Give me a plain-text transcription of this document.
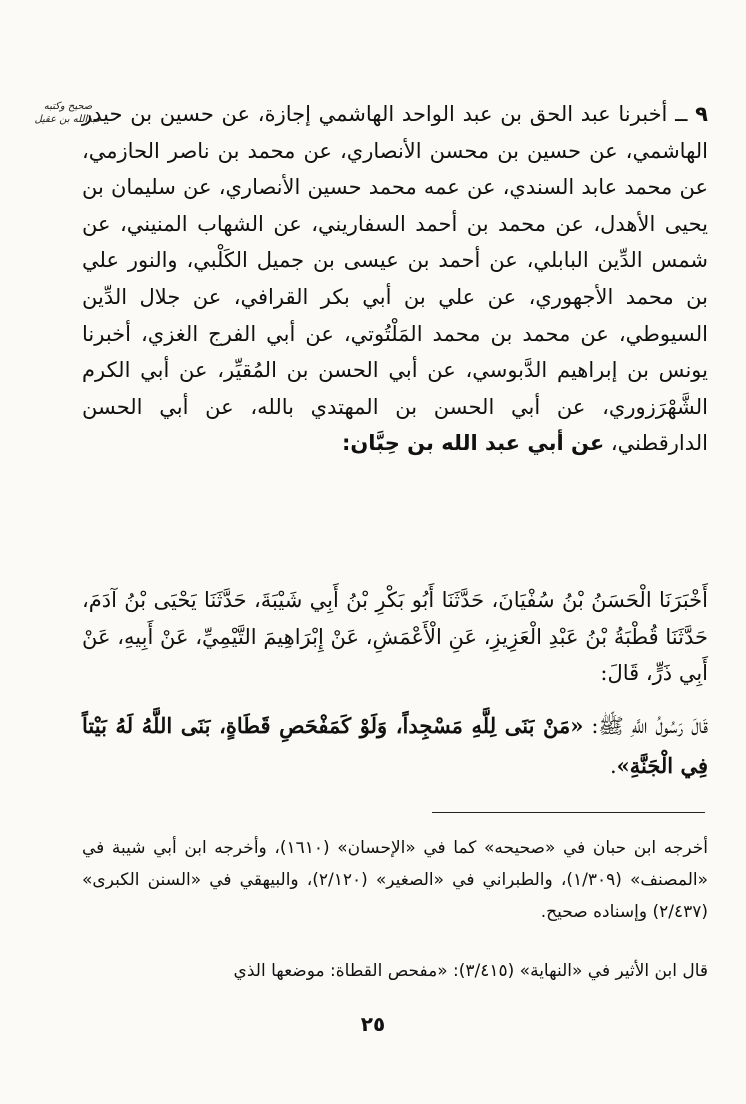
صحيح وكتبه
عبدالله بن عقيل	٩ ــ أخبرنا عبد الحق بن عبد الواحد الهاشمي إجازة، عن حسين بن حيدر الهاشمي، عن حسين بن محسن الأنصاري، عن محمد بن ناصر الحازمي، عن محمد عابد السندي، عن عمه محمد حسين الأنصاري، عن سليمان بن يحيى الأهدل، عن محمد بن أحمد السفاريني، عن الشهاب المنيني، عن شمس الدِّين البابلي، عن أحمد بن عيسى بن جميل الكَلْبي، والنور علي بن محمد الأجهوري، عن علي بن أبي بكر القرافي، عن جلال الدِّين السيوطي، عن محمد بن محمد المَلْتُوتي، عن أبي الفرج الغزي، أخبرنا يونس بن إبراهيم الدَّبوسي، عن أبي الحسن بن المُقيِّر، عن أبي الكرم الشَّهْرَزوري، عن أبي الحسن بن المهتدي بالله، عن أبي الحسن الدارقطني، عن أبي عبد الله بن حِبَّان:

أَخْبَرَنَا الْحَسَنُ بْنُ سُفْيَانَ، حَدَّثَنَا أَبُو بَكْرِ بْنُ أَبِي شَيْبَةَ، حَدَّثَنَا يَحْيَى بْنُ آدَمَ، حَدَّثَنَا قُطْبَةُ بْنُ عَبْدِ الْعَزِيزِ، عَنِ الْأَعْمَشِ، عَنْ إِبْرَاهِيمَ التَّيْمِيِّ، عَنْ أَبِيهِ، عَنْ أَبِي ذَرٍّ، قَالَ:

قَالَ رَسُولُ اللَّهِ ﷺ: «مَنْ بَنَى لِلَّهِ مَسْجِداً، وَلَوْ كَمَفْحَصِ قَطَاةٍ، بَنَى اللَّهُ لَهُ بَيْتاً فِي الْجَنَّةِ».

أخرجه ابن حبان في «صحيحه» كما في «الإحسان» (١٦١٠)، وأخرجه ابن أبي شيبة في «المصنف» (١/٣٠٩)، والطبراني في «الصغير» (٢/١٢٠)، والبيهقي في «السنن الكبرى» (٢/٤٣٧) وإسناده صحيح.

قال ابن الأثير في «النهاية» (٣/٤١٥): «مفحص القطاة: موضعها الذي

٢٥
